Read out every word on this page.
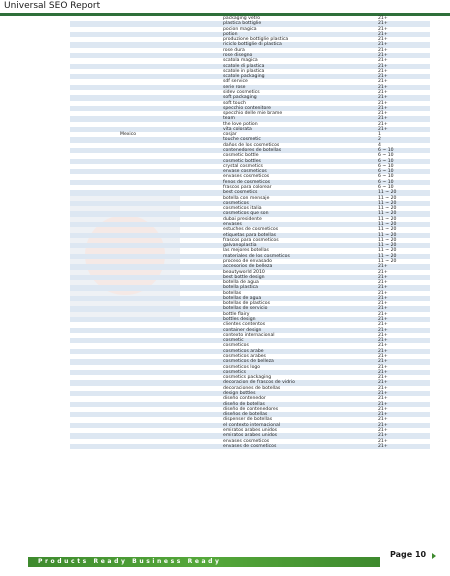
Universal SEO Report
packaging vetro	21+
plastica bottiglie	21+
pocion magica	21+
potion	21+
produzione bottiglie plastica	21+
riciclo bottiglie di plastica	21+
rose dura	21+
rose disegno	21+
scatola magica	21+
scatole di plastica	21+
scatole in plastica	21+
scatole packaging	21+
sdf service	21+
serie rose	21+
sidev cosmetics	21+
soft packaging	21+
soft touch	21+
specchio contenitore	21+
specchio delle mie brame	21+
team	21+
the love potion	21+
vita colorata	21+
Mexico	cosjar	1
touche cosmetic	2
daños de los cosmeticos	4
contenedores de botellas	6 ~ 10
cosmetic bottle	6 ~ 10
cosmetic bottles	6 ~ 10
crystal cosmetics	6 ~ 10
envase cosmeticos	6 ~ 10
envases cosmeticos	6 ~ 10
fenos de cosmeticos	6 ~ 10
frascos para colorear	6 ~ 10
best cosmetics	11 ~ 20
botella con mensaje	11 ~ 20
cosmeticos	11 ~ 20
cosmeticos italia	11 ~ 20
cosmeticos que son	11 ~ 20
dubai presidente	11 ~ 20
envases	11 ~ 20
estuches de cosmeticos	11 ~ 20
etiquetas para botellas	11 ~ 20
frascos para cosmeticos	11 ~ 20
galvanoplastia	11 ~ 20
las mejores botellas	11 ~ 20
materiales de los cosmeticos	11 ~ 20
proceso de envasado	11 ~ 20
accesorios de belleza	21+
beautyworld 2010	21+
best bottle design	21+
botella de agua	21+
botella plastica	21+
botellas	21+
botellas de agua	21+
botellas de plasticos	21+
botellas de servicio	21+
bottle flairy	21+
bottles design	21+
clientes contentos	21+
container design	21+
contexto internacional	21+
cosmetic	21+
cosmeticos	21+
cosmeticos arabe	21+
cosmeticos arabes	21+
cosmeticos de belleza	21+
cosmeticos logo	21+
cosmetics	21+
cosmetics packaging	21+
decoracion de frascos de vidrio	21+
decoraciones de botellas	21+
design bottles	21+
diseño contenedor	21+
diseño de botellas	21+
diseño de contenedores	21+
diseños de botellas	21+
dispenser de botellas	21+
el contexto internacional	21+
emiratos arabes unidos	21+
emiratos arabes unidos	21+
envases cosmeticos	21+
envases de cosmeticos	21+
Products Ready Business Ready
Page 10
